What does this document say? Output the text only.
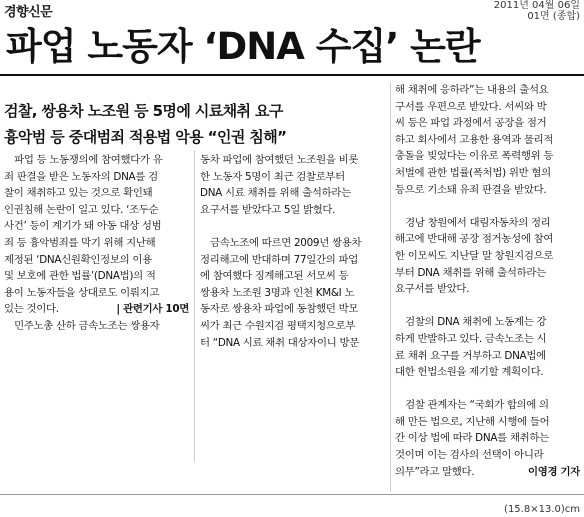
경향신문	2011년 04월 06일
01면 (종합)
파업 노동자 ‘DNA 수집’ 논란
검찰, 쌍용차 노조원 등 5명에 시료채취 요구
흉악범 등 중대범죄 적용법 악용 “인권 침해”
　파업 등 노동쟁의에 참여했다가 유
죄 판결을 받은 노동자의 DNA를 검
찰이 채취하고 있는 것으로 확인돼
인권침해 논란이 일고 있다. ‘조두순
사건’ 등이 계기가 돼 아동 대상 성범
죄 등 흉악범죄를 막기 위해 지난해
제정된 ‘DNA신원확인정보의 이용
및 보호에 관한 법률’(DNA법)의 적
용이 노동자들을 상대로도 이뤄지고
있는 것이다.	| 관련기사 10면
　민주노총 산하 금속노조는 쌍용자
동차 파업에 참여했던 노조원을 비롯
한 노동자 5명이 최근 검찰로부터
DNA 시료 채취를 위해 출석하라는
요구서를 받았다고 5일 밝혔다.

　금속노조에 따르면 2009년 쌍용차
정리해고에 반대하며 77일간의 파업
에 참여했다 징계해고된 서모씨 등
쌍용차 노조원 3명과 인천 KM&I 노
동자로 쌍용차 파업에 동참했던 박모
씨가 최근 수원지검 평택지청으로부
터 “DNA 시료 채취 대상자이니 방문
해 채취에 응하라”는 내용의 출석요
구서를 우편으로 받았다. 서씨와 박
씨 등은 파업 과정에서 공장을 점거
하고 회사에서 고용한 용역과 물리적
충돌을 빚었다는 이유로 폭력행위 등
처벌에 관한 법률(폭처법) 위반 혐의
등으로 기소돼 유죄 판결을 받았다.

　경남 창원에서 대림자동차의 정리
해고에 반대해 공장 점거농성에 참여
한 이모씨도 지난달 말 창원지검으로
부터 DNA 채취를 위해 출석하라는
요구서를 받았다.

　검찰의 DNA 채취에 노동계는 강
하게 반발하고 있다. 금속노조는 시
료 채취 요구를 거부하고 DNA법에
대한 헌법소원을 제기할 계획이다.

　검찰 관계자는 “국회가 합의에 의
해 만든 법으로, 지난해 시행에 들어
간 이상 법에 따라 DNA를 채취하는
것이며 이는 검사의 선택이 아니라
의무”라고 말했다.	이영경 기자
(15.8×13.0)cm
